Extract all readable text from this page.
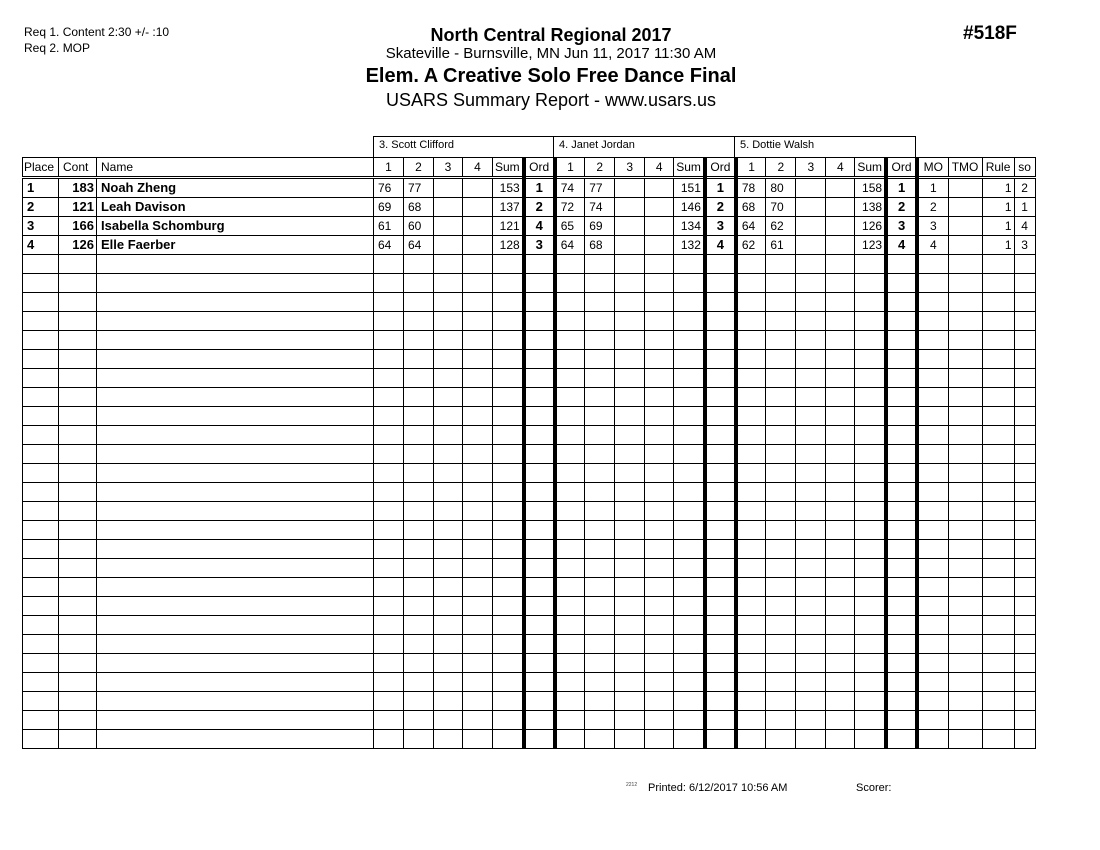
Req 1. Content 2:30 +/- :10
Req 2. MOP
North Central Regional 2017
Skateville - Burnsville, MN Jun 11, 2017 11:30 AM
Elem. A Creative Solo Free Dance Final
USARS Summary Report - www.usars.us
#518F
3. Scott Clifford	4. Janet Jordan	5. Dottie Walsh
Place	Cont	Name	1	2	3	4	Sum	Ord	1	2	3	4	Sum	Ord	1	2	3	4	Sum	Ord	MO	TMO	Rule	so
1	183	Noah Zheng	76	77			153	1	74	77			151	1	78	80			158	1	1		1	2
2	121	Leah Davison	69	68			137	2	72	74			146	2	68	70			138	2	2		1	1
3	166	Isabella Schomburg	61	60			121	4	65	69			134	3	64	62			126	3	3		1	4
4	126	Elle Faerber	64	64			128	3	64	68			132	4	62	61			123	4	4		1	3

2212 Printed: 6/12/2017 10:56 AM	Scorer:
